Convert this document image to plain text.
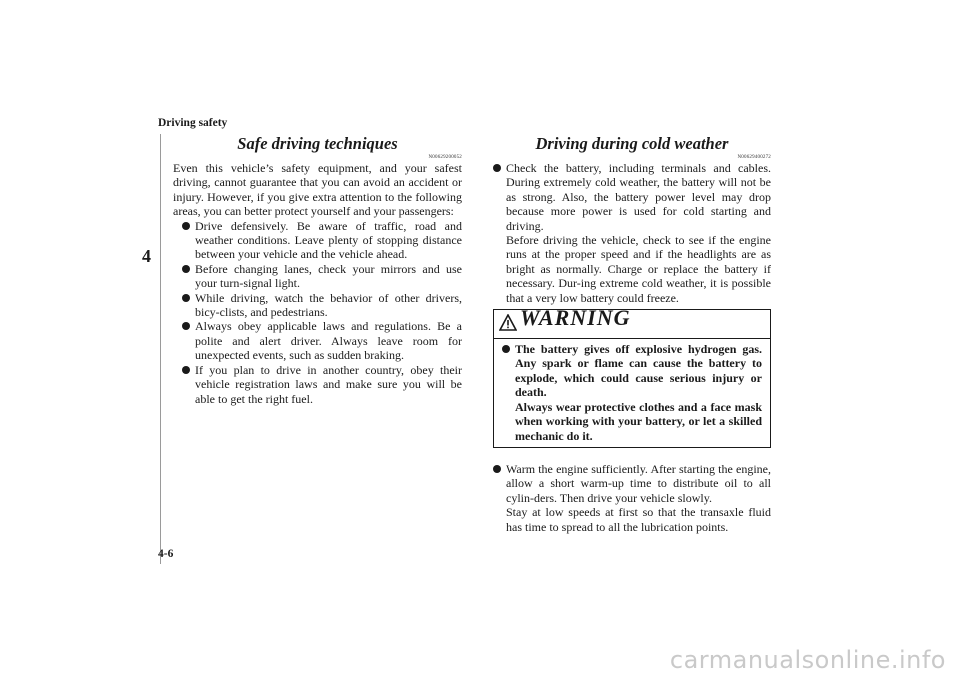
Driving safety
4
4-6
Safe driving techniques
N00629200052

Even this vehicle’s safety equipment, and your safest driving, cannot guarantee that you can avoid an accident or injury. However, if you give extra attention to the following areas, you can better protect yourself and your passengers:

Drive defensively. Be aware of traffic, road and weather conditions. Leave plenty of stopping distance between your vehicle and the vehicle ahead.
Before changing lanes, check your mirrors and use your turn-signal light.
While driving, watch the behavior of other drivers, bicy-clists, and pedestrians.
Always obey applicable laws and regulations. Be a polite and alert driver. Always leave room for unexpected events, such as sudden braking.
If you plan to drive in another country, obey their vehicle registration laws and make sure you will be able to get the right fuel.
Driving during cold weather
N00629400272

Check the battery, including terminals and cables. During extremely cold weather, the battery will not be as strong. Also, the battery power level may drop because more power is used for cold starting and driving.

Before driving the vehicle, check to see if the engine runs at the proper speed and if the headlights are as bright as normally. Charge or replace the battery if necessary. Dur-ing extreme cold weather, it is possible that a very low battery could freeze.

WARNING

The battery gives off explosive hydrogen gas. Any spark or flame can cause the battery to explode, which could cause serious injury or death.

Always wear protective clothes and a face mask when working with your battery, or let a skilled mechanic do it.

Warm the engine sufficiently. After starting the engine, allow a short warm-up time to distribute oil to all cylin-ders. Then drive your vehicle slowly.

Stay at low speeds at first so that the transaxle fluid has time to spread to all the lubrication points.

carmanualsonline.info
